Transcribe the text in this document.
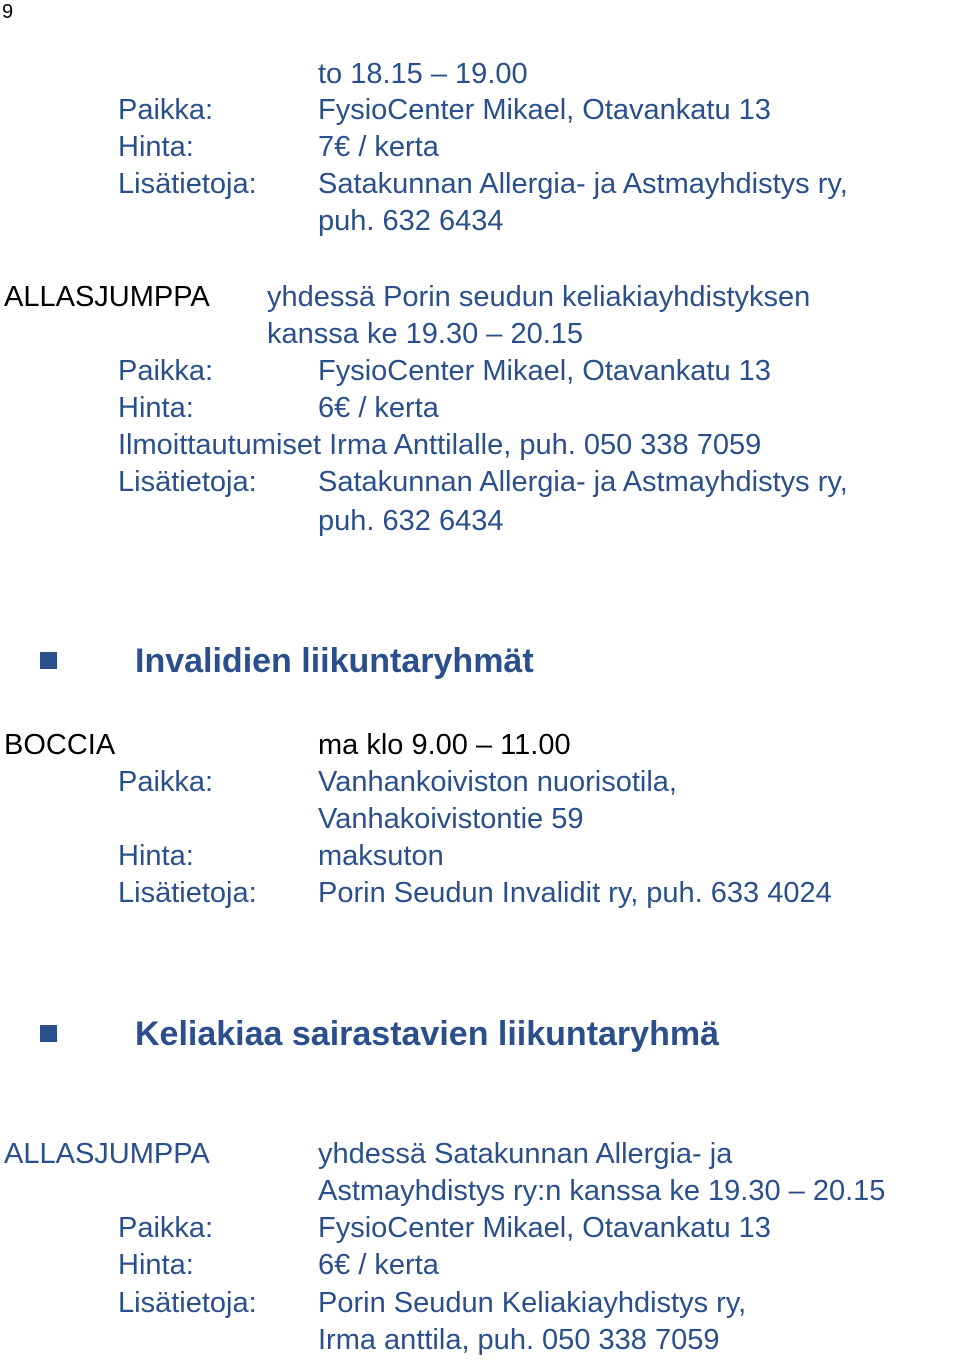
9
to 18.15 – 19.00
Paikka:	FysioCenter Mikael, Otavankatu 13
Hinta:	7€ / kerta
Lisätietoja: Satakunnan Allergia- ja Astmayhdistys ry,
puh. 632 6434
ALLASJUMPPA yhdessä Porin seudun keliakiayhdistyksen
kanssa ke 19.30 – 20.15
Paikka:	FysioCenter Mikael, Otavankatu 13
Hinta:	6€ / kerta
Ilmoittautumiset Irma Anttilalle, puh. 050 338 7059
Lisätietoja: Satakunnan Allergia- ja Astmayhdistys ry,
puh. 632 6434
Invalidien liikuntaryhmät
BOCCIA	ma klo 9.00 – 11.00
Paikka:	Vanhankoiviston nuorisotila,
Vanhakoivistontie 59
Hinta:	maksuton
Lisätietoja: Porin Seudun Invalidit ry, puh. 633 4024
Keliakiaa sairastavien liikuntaryhmä
ALLASJUMPPA	yhdessä Satakunnan Allergia- ja
Astmayhdistys ry:n kanssa ke 19.30 – 20.15
Paikka:	FysioCenter Mikael, Otavankatu 13
Hinta:	6€ / kerta
Lisätietoja: Porin Seudun Keliakiayhdistys ry,
Irma anttila, puh. 050 338 7059
